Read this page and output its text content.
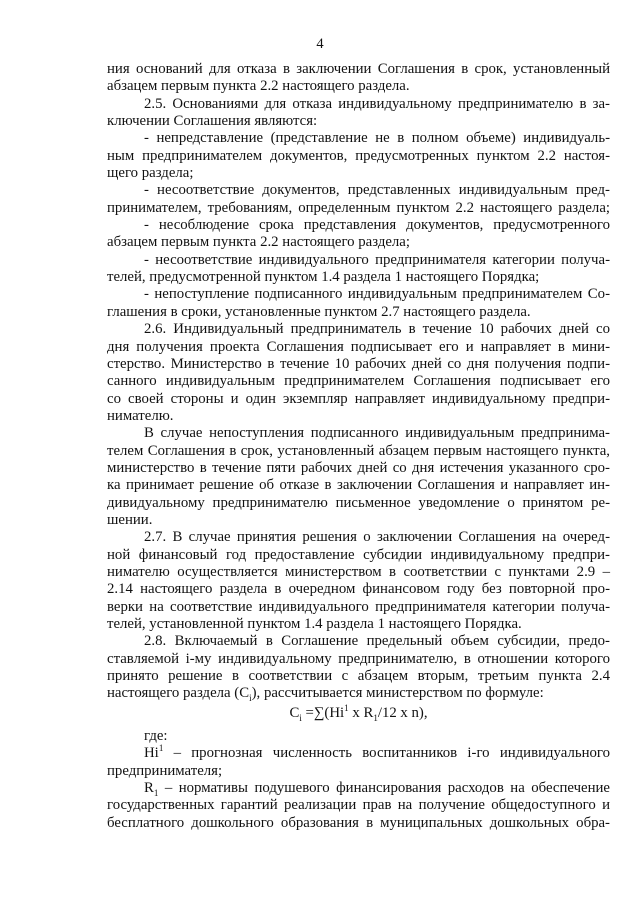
4
ния оснований для отказа в заключении Соглашения в срок, установленный
абзацем первым пункта 2.2 настоящего раздела.
2.5. Основаниями для отказа индивидуальному предпринимателю в за-
ключении Соглашения являются:
- непредставление (представление не в полном объеме) индивидуаль-
ным предпринимателем документов, предусмотренных пунктом 2.2 настоя-
щего раздела;
- несоответствие документов, представленных индивидуальным пред-
принимателем, требованиям, определенным пунктом 2.2 настоящего раздела;
- несоблюдение срока представления документов, предусмотренного
абзацем первым пункта 2.2 настоящего раздела;
- несоответствие индивидуального предпринимателя категории получа-
телей, предусмотренной пунктом 1.4 раздела 1 настоящего Порядка;
- непоступление подписанного индивидуальным предпринимателем Со-
глашения в сроки, установленные пунктом 2.7 настоящего раздела.
2.6. Индивидуальный предприниматель в течение 10 рабочих дней со
дня получения проекта Соглашения подписывает его и направляет в мини-
стерство. Министерство в течение 10 рабочих дней со дня получения подпи-
санного индивидуальным предпринимателем Соглашения подписывает его
со своей стороны и один экземпляр направляет индивидуальному предпри-
нимателю.
В случае непоступления подписанного индивидуальным предпринима-
телем Соглашения в срок, установленный абзацем первым настоящего пункта,
министерство в течение пяти рабочих дней со дня истечения указанного сро-
ка принимает решение об отказе в заключении Соглашения и направляет ин-
дивидуальному предпринимателю письменное уведомление о принятом ре-
шении.
2.7. В случае принятия решения о заключении Соглашения на очеред-
ной финансовый год предоставление субсидии индивидуальному предпри-
нимателю осуществляется министерством в соответствии с пунктами 2.9 –
2.14 настоящего раздела в очередном финансовом году без повторной про-
верки на соответствие индивидуального предпринимателя категории получа-
телей, установленной пунктом 1.4 раздела 1 настоящего Порядка.
2.8. Включаемый в Соглашение предельный объем субсидии, предо-
ставляемой i-му индивидуальному предпринимателю, в отношении которого
принято решение в соответствии с абзацем вторым, третьим пункта 2.4
настоящего раздела $(C_i)$, рассчитывается министерством по формуле:
$C_i =\sum(Hi^1$ x $R_1/12$ x n),
где:
Hi$^1$ – прогнозная численность воспитанников i-го индивидуального
предпринимателя;
$R_1$ – нормативы подушевого финансирования расходов на обеспечение
государственных гарантий реализации прав на получение общедоступного и
бесплатного дошкольного образования в муниципальных дошкольных обра-
